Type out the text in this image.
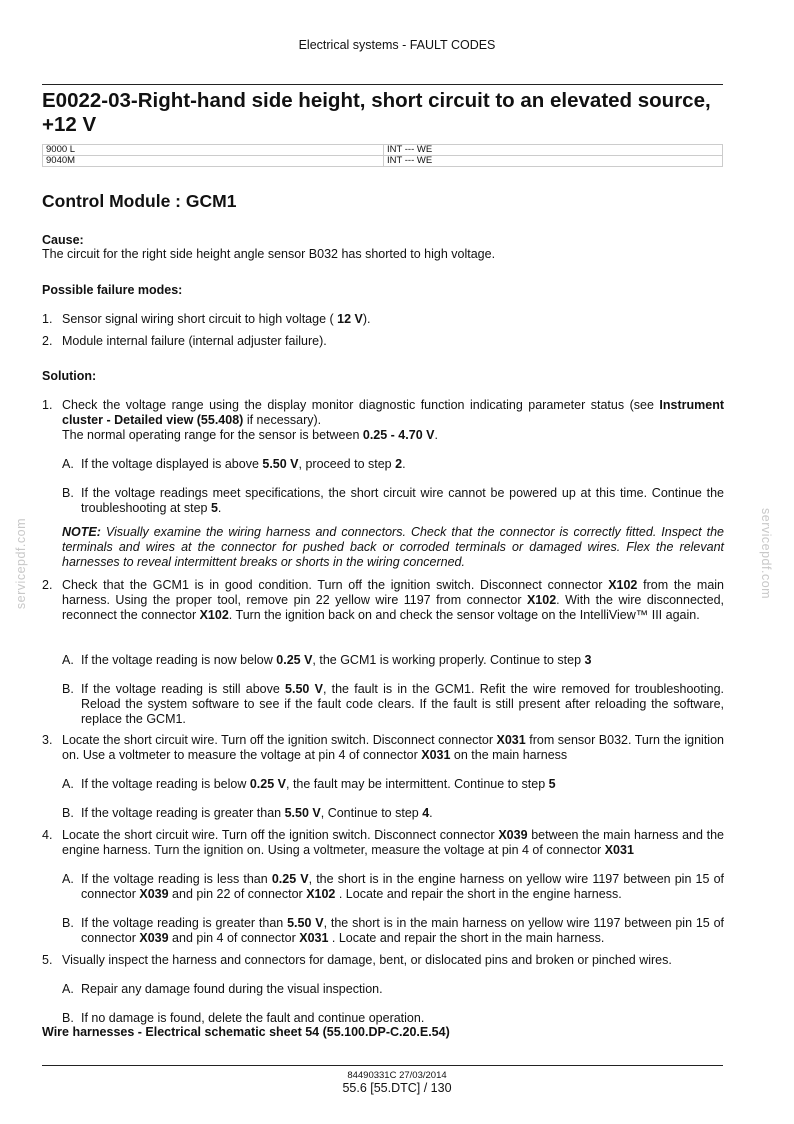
Electrical systems - FAULT CODES
E0022-03-Right-hand side height, short circuit to an elevated source, +12 V
9000 L	INT --- WE
9040M	INT --- WE
Control Module : GCM1
Cause:
The circuit for the right side height angle sensor B032 has shorted to high voltage.
Possible failure modes:
1. Sensor signal wiring short circuit to high voltage ( 12 V).
2. Module internal failure (internal adjuster failure).
Solution:
1. Check the voltage range using the display monitor diagnostic function indicating parameter status (see Instrument cluster - Detailed view (55.408) if necessary).
The normal operating range for the sensor is between 0.25 - 4.70 V.
A. If the voltage displayed is above 5.50 V, proceed to step 2.
B. If the voltage readings meet specifications, the short circuit wire cannot be powered up at this time. Continue the troubleshooting at step 5.
NOTE: Visually examine the wiring harness and connectors. Check that the connector is correctly fitted. Inspect the terminals and wires at the connector for pushed back or corroded terminals or damaged wires. Flex the relevant harnesses to reveal intermittent breaks or shorts in the wiring concerned.
2. Check that the GCM1 is in good condition. Turn off the ignition switch. Disconnect connector X102 from the main harness. Using the proper tool, remove pin 22 yellow wire 1197 from connector X102. With the wire disconnected, reconnect the connector X102. Turn the ignition back on and check the sensor voltage on the IntelliView™ III again.
A. If the voltage reading is now below 0.25 V, the GCM1 is working properly. Continue to step 3
B. If the voltage reading is still above 5.50 V, the fault is in the GCM1. Refit the wire removed for troubleshooting. Reload the system software to see if the fault code clears. If the fault is still present after reloading the software, replace the GCM1.
3. Locate the short circuit wire. Turn off the ignition switch. Disconnect connector X031 from sensor B032. Turn the ignition on. Use a voltmeter to measure the voltage at pin 4 of connector X031 on the main harness
A. If the voltage reading is below 0.25 V, the fault may be intermittent. Continue to step 5
B. If the voltage reading is greater than 5.50 V, Continue to step 4.
4. Locate the short circuit wire. Turn off the ignition switch. Disconnect connector X039 between the main harness and the engine harness. Turn the ignition on. Using a voltmeter, measure the voltage at pin 4 of connector X031
A. If the voltage reading is less than 0.25 V, the short is in the engine harness on yellow wire 1197 between pin 15 of connector X039 and pin 22 of connector X102 . Locate and repair the short in the engine harness.
B. If the voltage reading is greater than 5.50 V, the short is in the main harness on yellow wire 1197 between pin 15 of connector X039 and pin 4 of connector X031 . Locate and repair the short in the main harness.
5. Visually inspect the harness and connectors for damage, bent, or dislocated pins and broken or pinched wires.
A. Repair any damage found during the visual inspection.
B. If no damage is found, delete the fault and continue operation.
Wire harnesses - Electrical schematic sheet 54 (55.100.DP-C.20.E.54)
servicepdf.com	servicepdf.com
84490331C 27/03/2014
55.6 [55.DTC] / 130
